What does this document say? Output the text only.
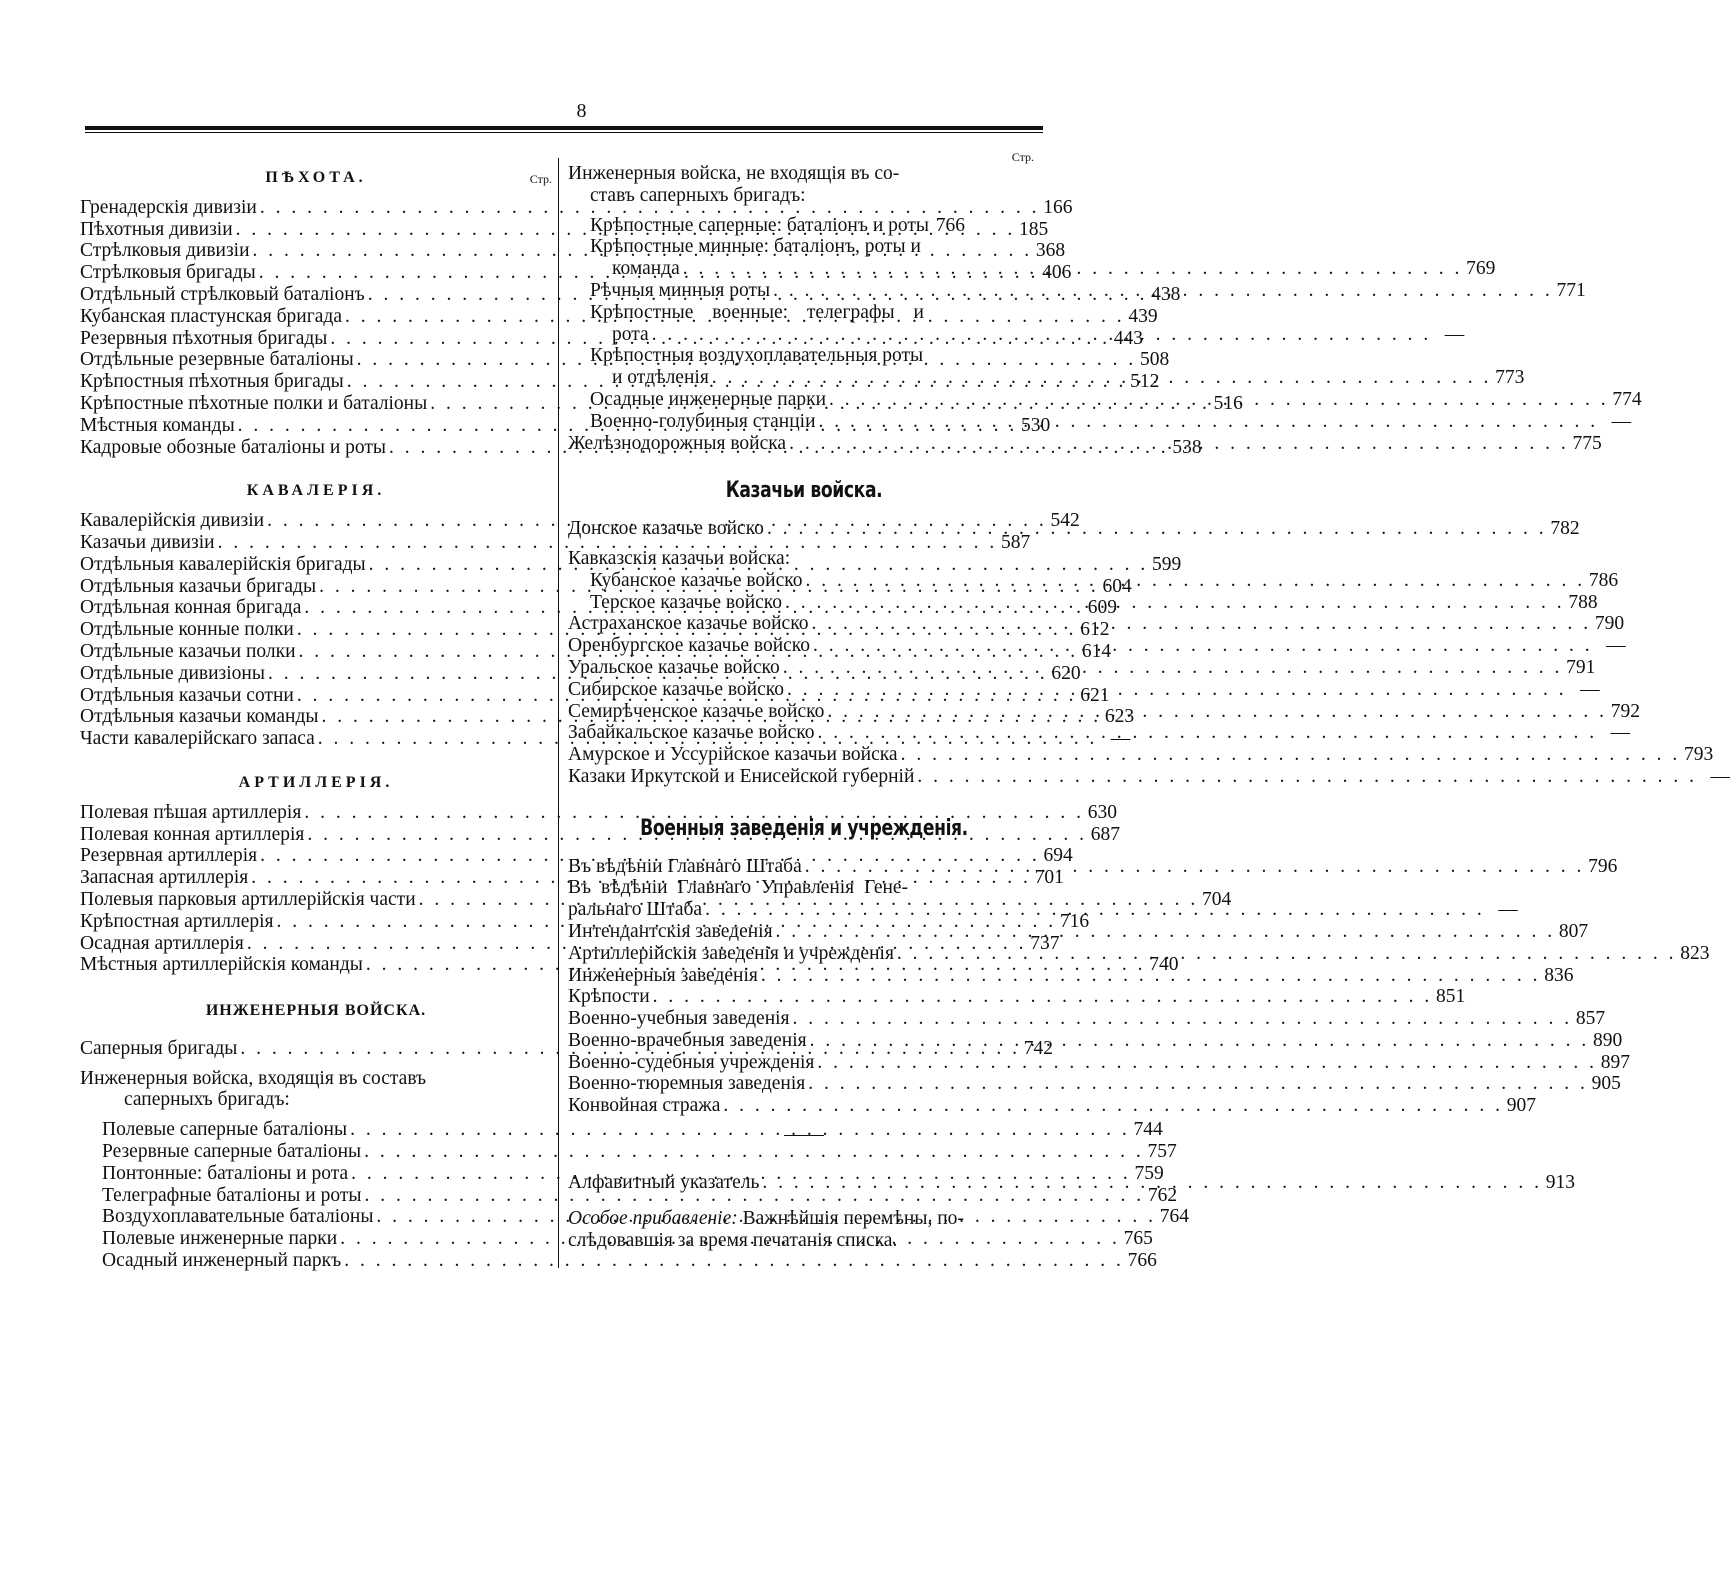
8
ПѢХОТА.	Стр.
Гренадерскія дивизіи . . .	166
Пѣхотныя дивизіи . . .	185
Стрѣлковыя дивизіи . . .	368
Стрѣлковыя бригады . . .	406
Отдѣльный стрѣлковый баталіонъ . . .	438
Кубанская пластунская бригада . . .	439
Резервныя пѣхотныя бригады . . .	443
Отдѣльные резервные баталіоны . . .	508
Крѣпостныя пѣхотныя бригады . . .	512
Крѣпостные пѣхотные полки и баталіоны . . .	516
Мѣстныя команды . . .	530
Кадровые обозные баталіоны и роты . . .	538
КАВАЛЕРІЯ.
Кавалерійскія дивизіи . . .	542
Казачьи дивизіи . . .	587
Отдѣльныя кавалерійскія бригады . . .	599
Отдѣльныя казачьи бригады . . .	604
Отдѣльная конная бригада . . .	609
Отдѣльные конные полки . . .	612
Отдѣльные казачьи полки . . .	614
Отдѣльные дивизіоны . . .	620
Отдѣльныя казачьи сотни . . .	621
Отдѣльныя казачьи команды . . .	623
Части кавалерійскаго запаса . . .	—
АРТИЛЛЕРІЯ.
Полевая пѣшая артиллерія . . .	630
Полевая конная артиллерія . . .	687
Резервная артиллерія . . .	694
Запасная артиллерія . . .	701
Полевыя парковыя артиллерійскія части . . .	704
Крѣпостная артиллерія . . .	716
Осадная артиллерія . . .	737
Мѣстныя артиллерійскія команды . . .	740
ИНЖЕНЕРНЫЯ ВОЙСКА.
Саперныя бригады . . .	742
Инженерныя войска, входящія въ составъ
саперныхъ бригадъ:
Полевые саперные баталіоны . . .	744
Резервные саперные баталіоны . . .	757
Понтонные: баталіоны и рота . . .	759
Телеграфные баталіоны и роты . . .	762
Воздухоплавательные баталіоны . . .	764
Полевые инженерные парки . . .	765
Осадный инженерный паркъ . . .	766
Стр.
Инженерныя войска, не входящія въ со-
ставъ саперныхъ бригадъ:
Крѣпостные саперные: баталіонъ и роты 766
Крѣпостные минные: баталіонъ, роты и
команда . . .	769
Рѣчныя минныя роты . . .	771
Крѣпостные военные: телеграфы и
рота . . .	—
Крѣпостныя воздухоплавательныя роты
и отдѣленія . . .	773
Осадные инженерные парки . . .	774
Военно-голубиныя станціи . . .	—
Желѣзнодорожныя войска . . .	775
Казачьи войска.
Донское казачье войско . . .	782
Кавказскія казачьи войска:
Кубанское казачье войско . . .	786
Терское казачье войско . . .	788
Астраханское казачье войско . . .	790
Оренбургское казачье войско . . .	—
Уральское казачье войско . . .	791
Сибирское казачье войско . . .	—
Семирѣченское казачье войско . . .	792
Забайкальское казачье войско . . .	—
Амурское и Уссурійское казачьи войска . . .	793
Казаки Иркутской и Енисейской губерній . . .	—
Военныя заведенія и учрежденія.
Въ вѣдѣніи Главнаго Штаба . . .	796
Въ вѣдѣніи Главнаго Управленія Гене-
ральнаго Штаба . . .	—
Интендантскія заведенія . . .	807
Артиллерійскія заведенія и учрежденія . . .	823
Инженерныя заведенія . . .	836
Крѣпости . . .	851
Военно-учебныя заведенія . . .	857
Военно-врачебныя заведенія . . .	890
Военно-судебныя учрежденія . . .	897
Военно-тюремныя заведенія . . .	905
Конвойная стража . . .	907
Алфавитный указатель . . .	913
Особое прибавленіе: Важнѣйшія перемѣны, по-
слѣдовавшія за время печатанія списка.
